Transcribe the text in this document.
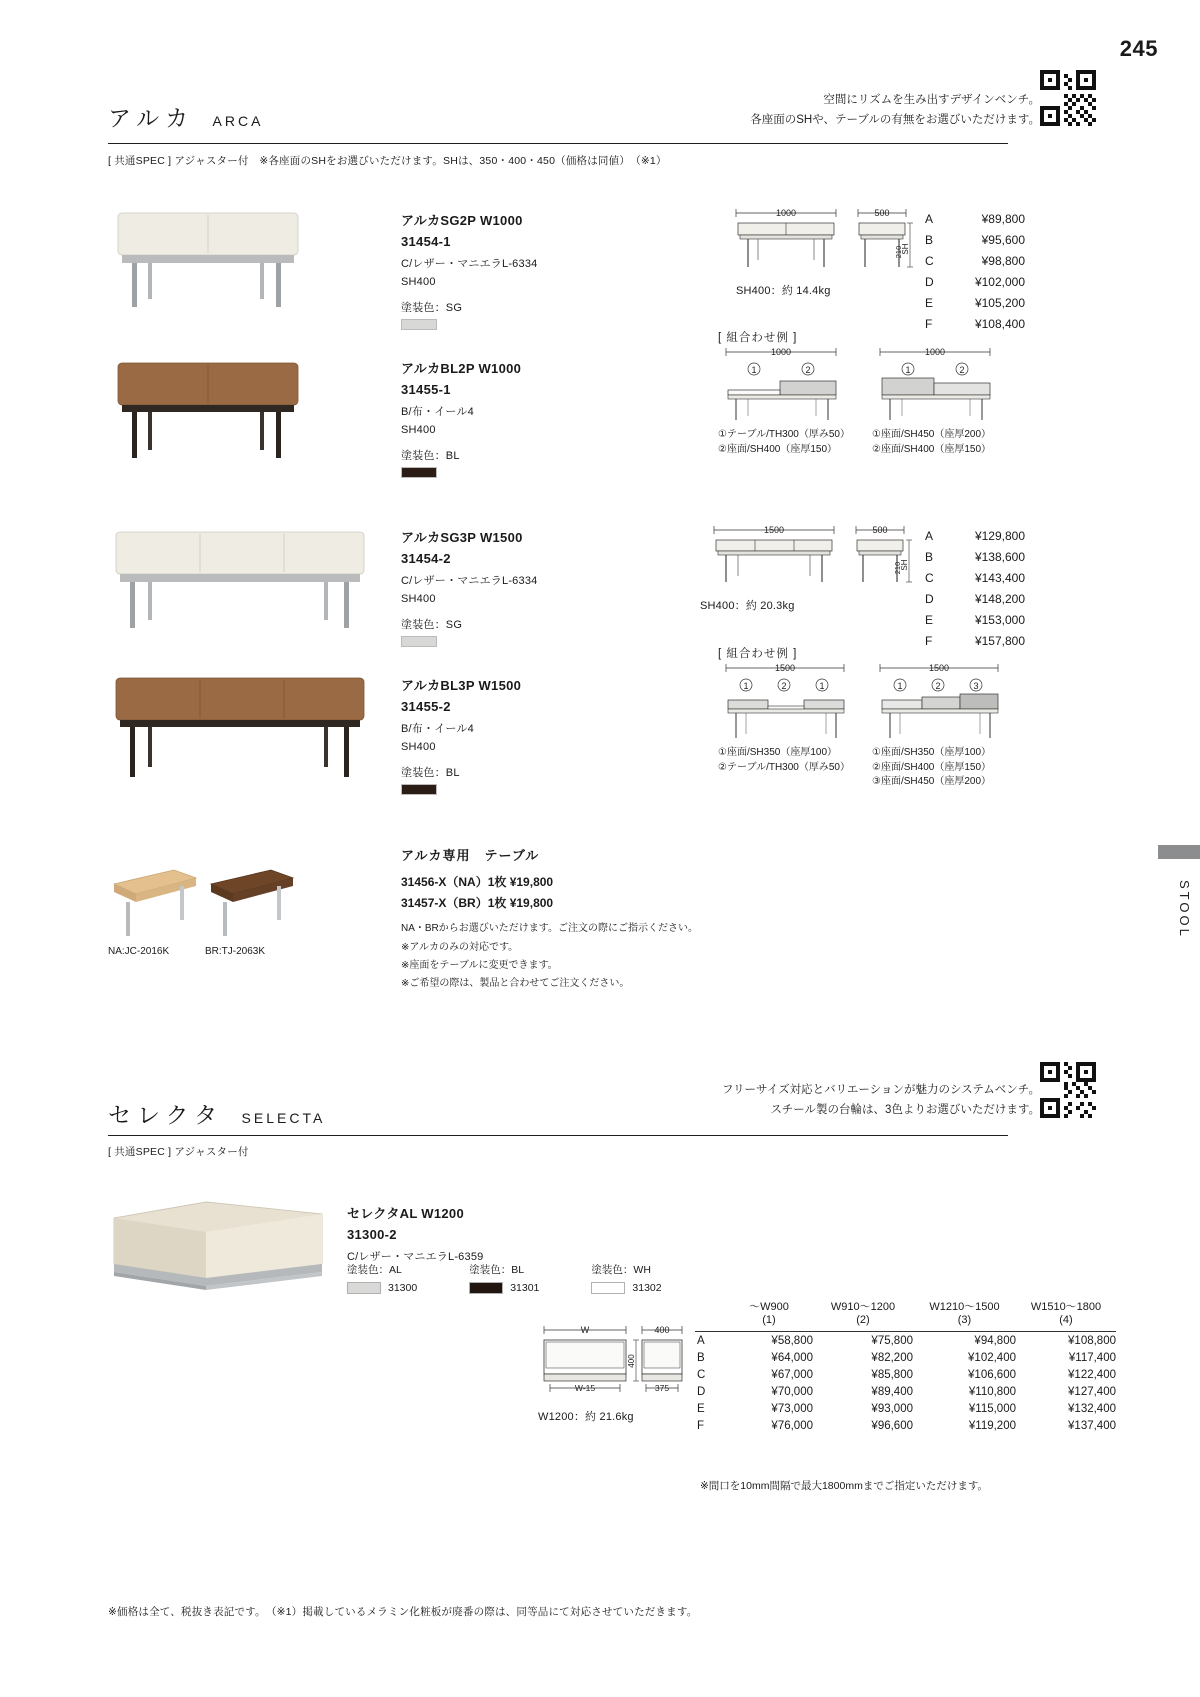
245
STOOL
アルカ ARCA
空間にリズムを生み出すデザインベンチ。
各座面のSHや、テーブルの有無をお選びいただけます。
[ 共通SPEC ] アジャスター付　※各座面のSHをお選びいただけます。SHは、350・400・450（価格は同値）　（※1）
アルカSG2P W1000
31454-1
C/レザー・マニエラL-6334
SH400
塗装色：SG
1000	500
SH
210
SH400：約 14.4kg
A	¥89,800
B	¥95,600
C	¥98,800
D	¥102,000
E	¥105,200
F	¥108,400
[ 組合わせ例 ]
1000
1	2
①テーブル/TH300（厚み50）
②座面/SH400（座厚150）
1000
1	2
①座面/SH450（座厚200）
②座面/SH400（座厚150）
アルカBL2P W1000
31455-1
B/布・イール4
SH400
塗装色：BL
アルカSG3P W1500
31454-2
C/レザー・マニエラL-6334
SH400
塗装色：SG
1500	500
SH
210
SH400：約 20.3kg
A	¥129,800
B	¥138,600
C	¥143,400
D	¥148,200
E	¥153,000
F	¥157,800
[ 組合わせ例 ]
1500
1	2	1
①座面/SH350（座厚100）
②テーブル/TH300（厚み50）
1500
1	2	3
①座面/SH350（座厚100）
②座面/SH400（座厚150）
③座面/SH450（座厚200）
アルカBL3P W1500
31455-2
B/布・イール4
SH400
塗装色：BL
NA:JC-2016K	BR:TJ-2063K
アルカ専用　テーブル
31456-X（NA）1枚 ¥19,800
31457-X（BR）1枚 ¥19,800
NA・BRからお選びいただけます。ご注文の際にご指示ください。
※アルカのみの対応です。
※座面をテーブルに変更できます。
※ご希望の際は、製品と合わせてご注文ください。
セレクタ SELECTA
フリーサイズ対応とバリエーションが魅力のシステムベンチ。
スチール製の台輪は、3色よりお選びいただけます。
[ 共通SPEC ] アジャスター付
セレクタAL W1200
31300-2
C/レザー・マニエラL-6359
塗装色：AL
31300
塗装色：BL
31301
塗装色：WH
31302
W
W-15
400
400
375
W1200：約 21.6kg

〜W900
(1)

W910〜1200
(2)

W1210〜1500
(3)

W1510〜1800
(4)

A	¥58,800	¥75,800	¥94,800	¥108,800
B	¥64,000	¥82,200	¥102,400	¥117,400
C	¥67,000	¥85,800	¥106,600	¥122,400
D	¥70,000	¥89,400	¥110,800	¥127,400
E	¥73,000	¥93,000	¥115,000	¥132,400
F	¥76,000	¥96,600	¥119,200	¥137,400
※間口を10mm間隔で最大1800mmまでご指定いただけます。
※価格は全て、税抜き表記です。　（※1）掲載しているメラミン化粧板が廃番の際は、同等品にて対応させていただきます。
